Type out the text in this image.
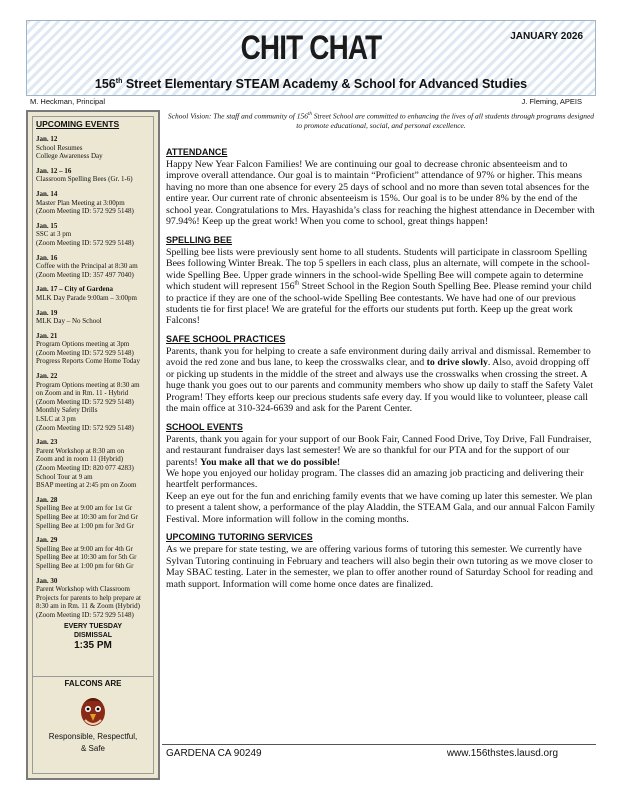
CHIT CHAT	JANUARY 2026
156th Street Elementary STEAM Academy & School for Advanced Studies
M. Heckman, Principal	J. Fleming, APEIS
UPCOMING EVENTS
Jan. 12
School Resumes
College Awareness Day
Jan. 12 – 16
Classroom Spelling Bees (Gr. 1-6)
Jan. 14
Master Plan Meeting at 3:00pm
(Zoom Meeting ID: 572 929 5148)
Jan. 15
SSC at 3 pm
(Zoom Meeting ID: 572 929 5148)
Jan. 16
Coffee with the Principal at 8:30 am
(Zoom Meeting ID: 357 497 7040)
Jan. 17 – City of Gardena
MLK Day Parade 9:00am – 3:00pm
Jan. 19
MLK Day – No School
Jan. 21
Program Options meeting at 3pm
(Zoom Meeting ID: 572 929 5148)
Progress Reports Come Home Today
Jan. 22
Program Options meeting at 8:30 am
on Zoom and in Rm. 11 - Hybrid
(Zoom Meeting ID: 572 929 5148)
Monthly Safety Drills
LSLC at 3 pm
(Zoom Meeting ID: 572 929 5148)
Jan. 23
Parent Workshop at 8:30 am on
Zoom and in room 11 (Hybrid)
(Zoom Meeting ID: 820 077 4283)
School Tour at 9 am
BSAP meeting at 2:45 pm on Zoom
Jan. 28
Spelling Bee at 9:00 am for 1st Gr
Spelling Bee at 10:30 am for 2nd Gr
Spelling Bee at 1:00 pm for 3rd Gr
Jan. 29
Spelling Bee at 9:00 am for 4th Gr
Spelling Bee at 10:30 am for 5th Gr
Spelling Bee at 1:00 pm for 6th Gr
Jan. 30
Parent Workshop with Classroom
Projects for parents to help prepare at
8:30 am in Rm. 11 & Zoom (Hybrid)
(Zoom Meeting ID: 572 929 5148)
EVERY TUESDAY
DISMISSAL
1:35 PM
FALCONS ARE
Responsible, Respectful,
& Safe
School Vision: The staff and community of 156th Street School are committed to enhancing the lives of all students through programs designed to promote educational, social, and personal excellence.
ATTENDANCE

Happy New Year Falcon Families! We are continuing our goal to decrease chronic absenteeism and to improve overall attendance. Our goal is to maintain “Proficient” attendance of 97% or higher. This means having no more than one absence for every 25 days of school and no more than seven total absences for the entire year. Our current rate of chronic absenteeism is 15%. Our goal is to be under 8% by the end of the school year. Congratulations to Mrs. Hayashida’s class for reaching the highest attendance in December with 97.94%! Keep up the great work! When you come to school, great things happen!

SPELLING BEE

Spelling bee lists were previously sent home to all students. Students will participate in classroom Spelling Bees following Winter Break. The top 5 spellers in each class, plus an alternate, will compete in the school-wide Spelling Bee. Upper grade winners in the school-wide Spelling Bee will compete again to determine which student will represent 156th Street School in the Region South Spelling Bee. Please remind your child to practice if they are one of the school-wide Spelling Bee contestants. We have had one of our previous students tie for first place! We are grateful for the efforts our students put forth. Keep up the great work Falcons!

SAFE SCHOOL PRACTICES

Parents, thank you for helping to create a safe environment during daily arrival and dismissal. Remember to avoid the red zone and bus lane, to keep the crosswalks clear, and to drive slowly. Also, avoid dropping off or picking up students in the middle of the street and always use the crosswalks when crossing the street. A huge thank you goes out to our parents and community members who show up daily to staff the Safety Valet Program! They efforts keep our precious students safe every day. If you would like to volunteer, please call the main office at 310-324-6639 and ask for the Parent Center.

SCHOOL EVENTS

Parents, thank you again for your support of our Book Fair, Canned Food Drive, Toy Drive, Fall Fundraiser, and restaurant fundraiser days last semester! We are so thankful for our PTA and for the support of our parents! You make all that we do possible!

We hope you enjoyed our holiday program. The classes did an amazing job practicing and delivering their heartfelt performances.

Keep an eye out for the fun and enriching family events that we have coming up later this semester. We plan to present a talent show, a performance of the play Aladdin, the STEAM Gala, and our annual Falcon Family Festival. More information will follow in the coming months.

UPCOMING TUTORING SERVICES

As we prepare for state testing, we are offering various forms of tutoring this semester. We currently have Sylvan Tutoring continuing in February and teachers will also begin their own tutoring as we move closer to May SBAC testing. Later in the semester, we plan to offer another round of Saturday School for reading and math support. Information will come home once dates are finalized.

GARDENA CA 90249	www.156thstes.lausd.org
